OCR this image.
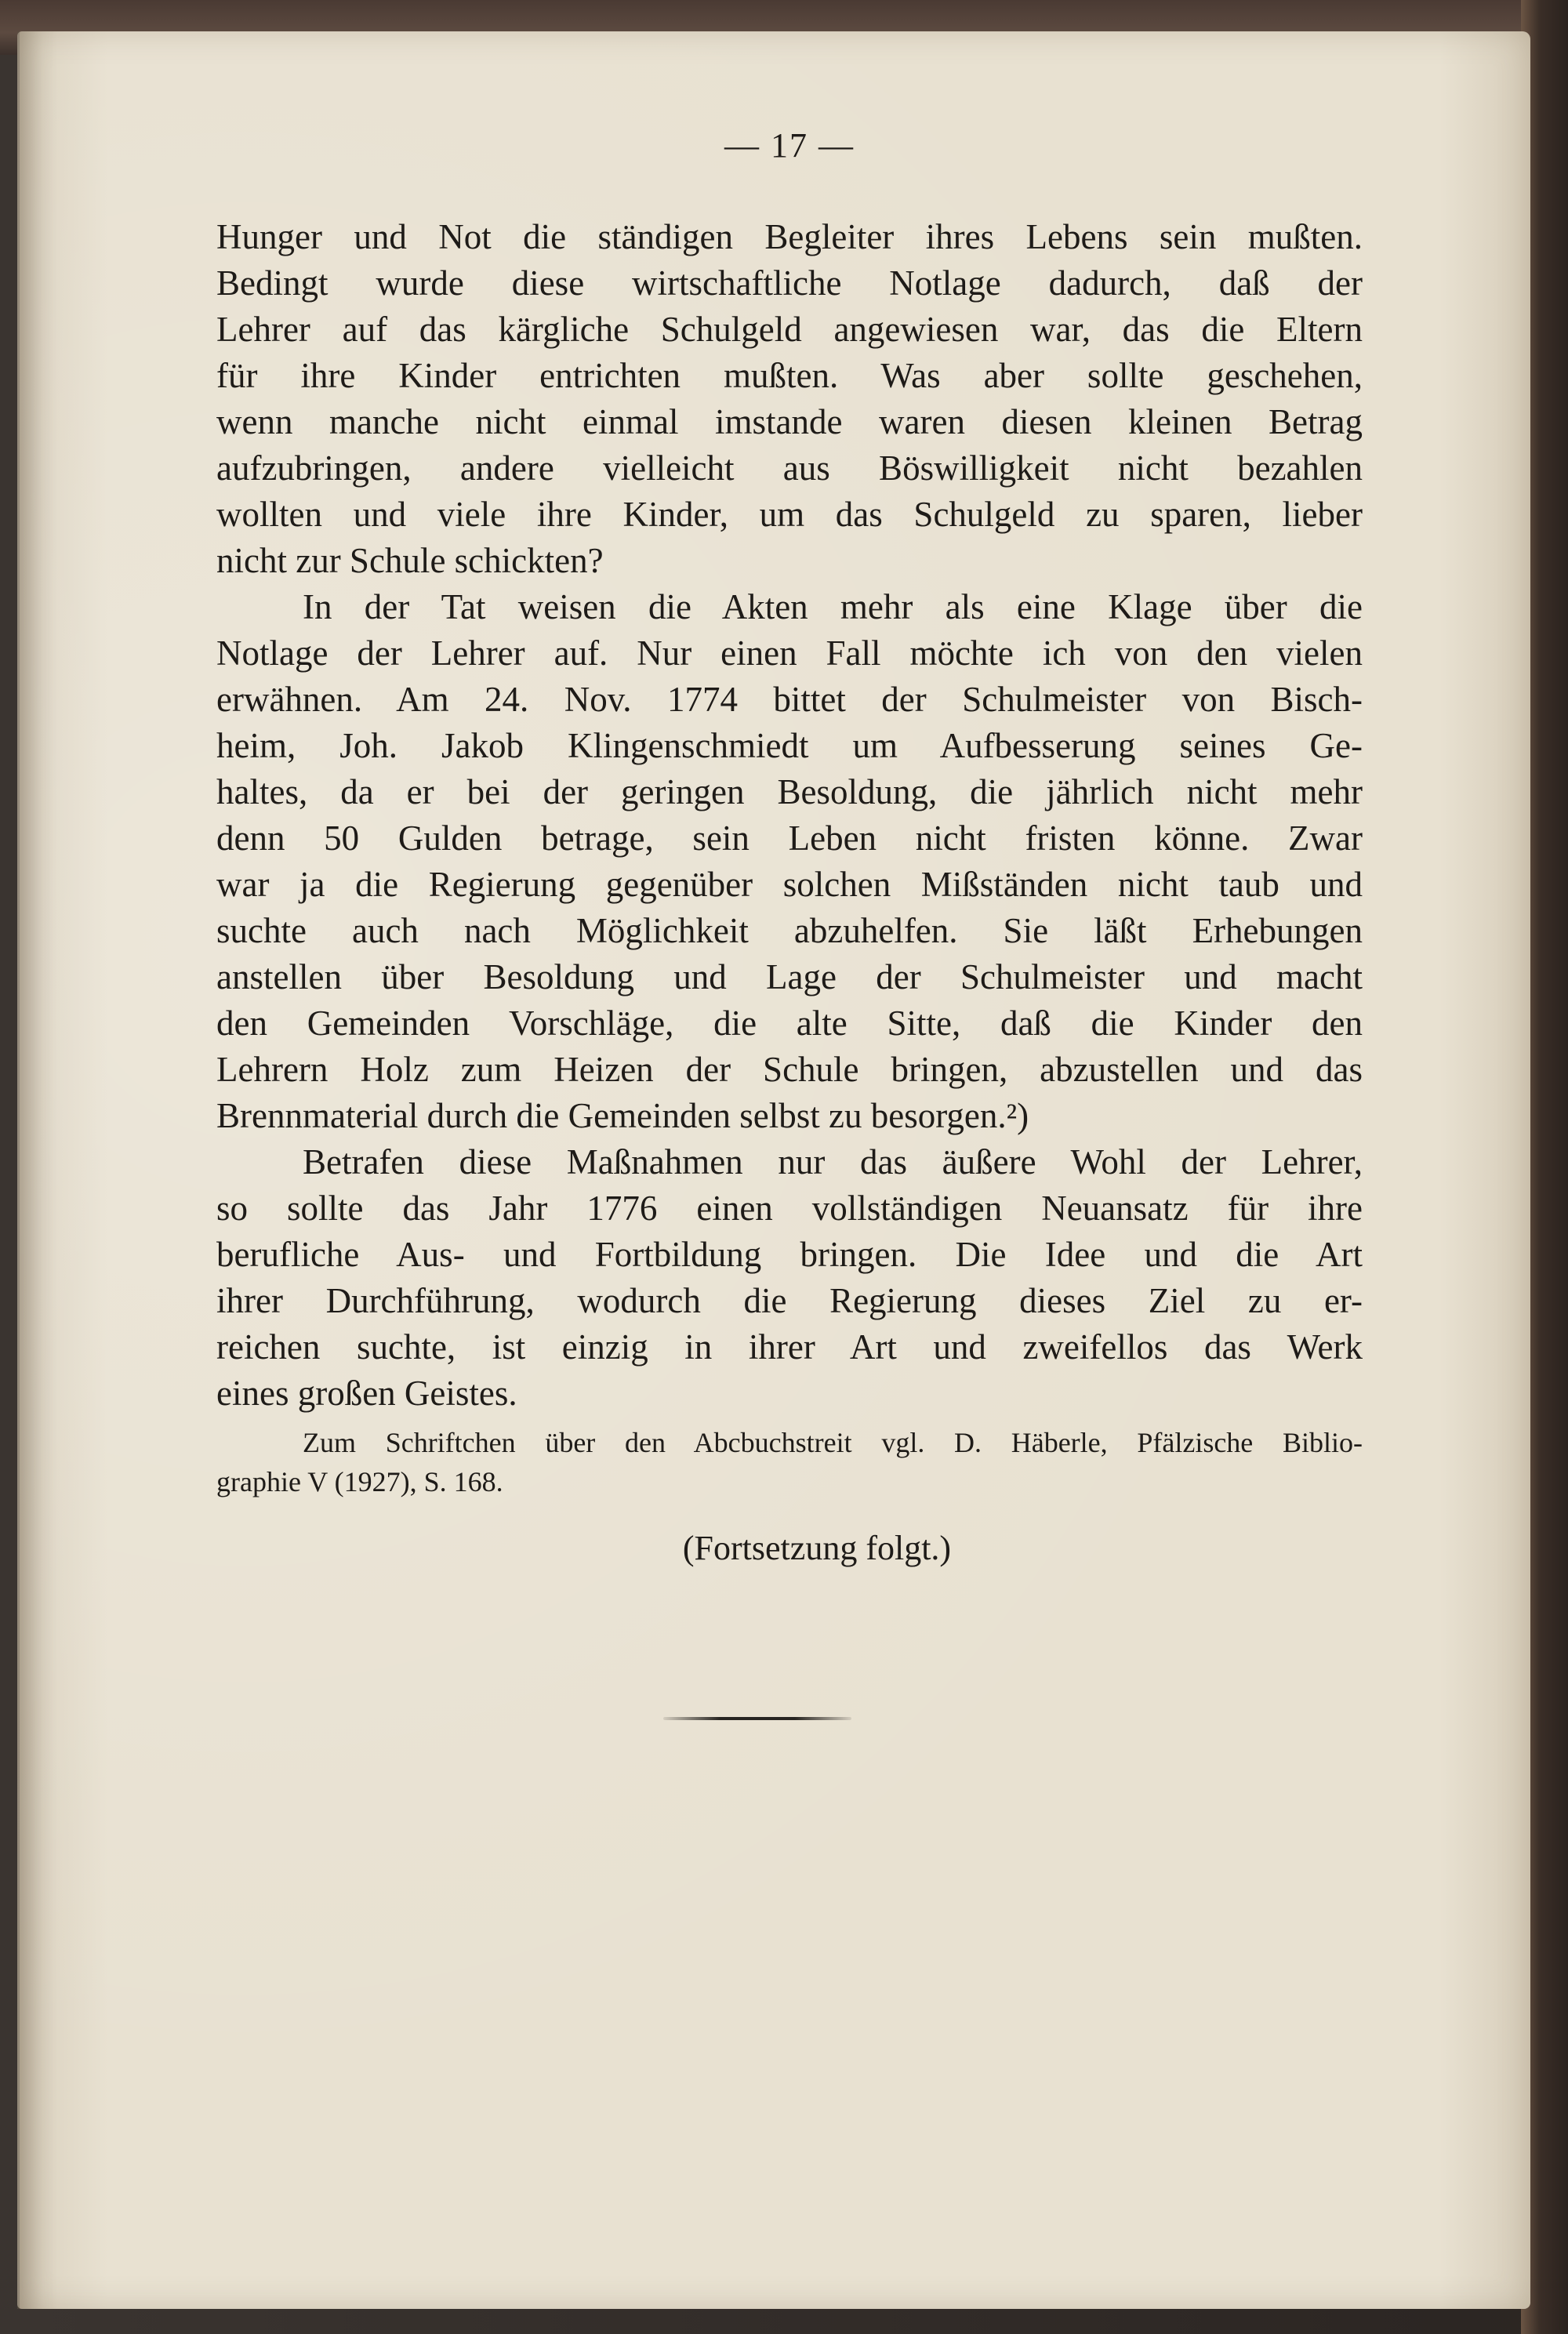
— 17 —
Hunger und Not die ständigen Begleiter ihres Lebens sein mußten.
Bedingt wurde diese wirtschaftliche Notlage dadurch, daß der
Lehrer auf das kärgliche Schulgeld angewiesen war, das die Eltern
für ihre Kinder entrichten mußten. Was aber sollte geschehen,
wenn manche nicht einmal imstande waren diesen kleinen Betrag
aufzubringen, andere vielleicht aus Böswilligkeit nicht bezahlen
wollten und viele ihre Kinder, um das Schulgeld zu sparen, lieber
nicht zur Schule schickten?
In der Tat weisen die Akten mehr als eine Klage über die
Notlage der Lehrer auf. Nur einen Fall möchte ich von den vielen
erwähnen. Am 24. Nov. 1774 bittet der Schulmeister von Bisch-
heim, Joh. Jakob Klingenschmiedt um Aufbesserung seines Ge-
haltes, da er bei der geringen Besoldung, die jährlich nicht mehr
denn 50 Gulden betrage, sein Leben nicht fristen könne. Zwar
war ja die Regierung gegenüber solchen Mißständen nicht taub und
suchte auch nach Möglichkeit abzuhelfen. Sie läßt Erhebungen
anstellen über Besoldung und Lage der Schulmeister und macht
den Gemeinden Vorschläge, die alte Sitte, daß die Kinder den
Lehrern Holz zum Heizen der Schule bringen, abzustellen und das
Brennmaterial durch die Gemeinden selbst zu besorgen.²)
Betrafen diese Maßnahmen nur das äußere Wohl der Lehrer,
so sollte das Jahr 1776 einen vollständigen Neuansatz für ihre
berufliche Aus- und Fortbildung bringen. Die Idee und die Art
ihrer Durchführung, wodurch die Regierung dieses Ziel zu er-
reichen suchte, ist einzig in ihrer Art und zweifellos das Werk
eines großen Geistes.
Zum Schriftchen über den Abcbuchstreit vgl. D. Häberle, Pfälzische Biblio-
graphie V (1927), S. 168.
(Fortsetzung folgt.)
